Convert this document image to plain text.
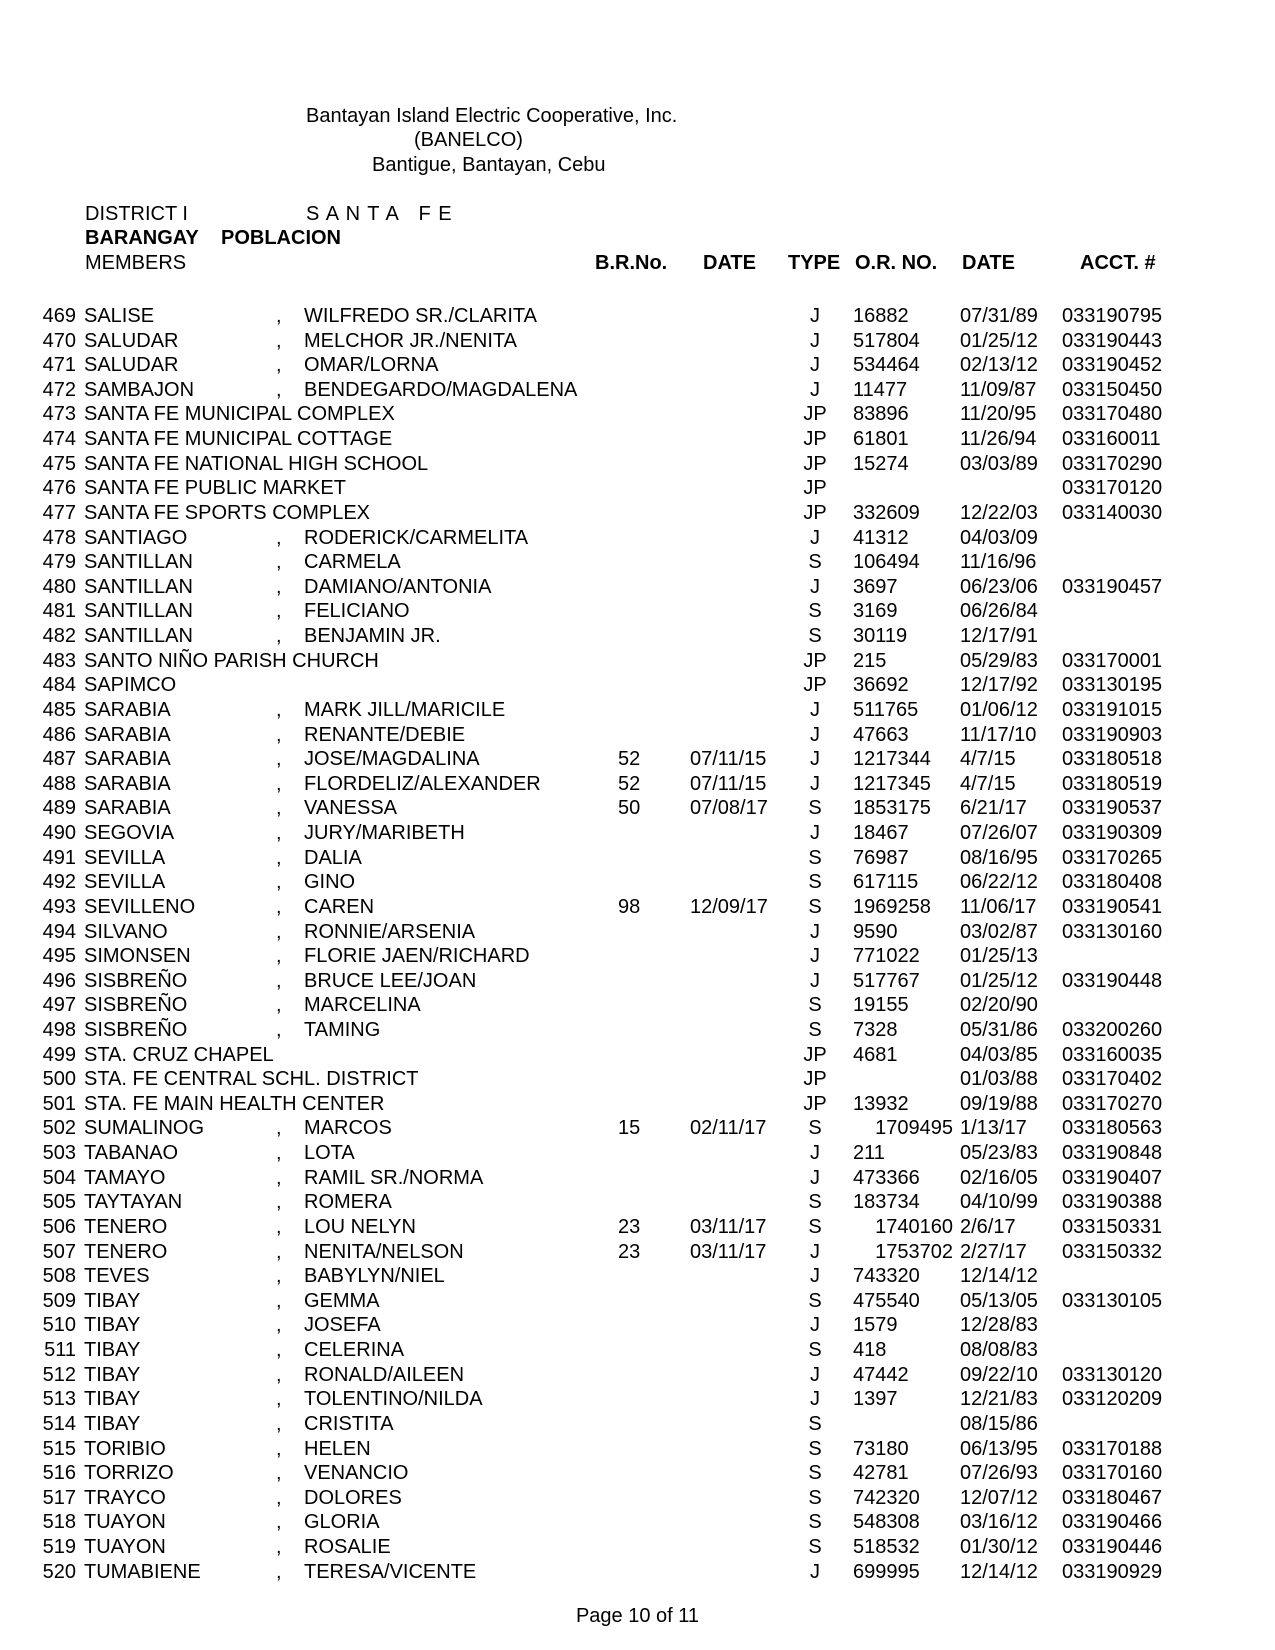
Bantayan Island Electric Cooperative, Inc.
(BANELCO)
Bantigue, Bantayan, Cebu
DISTRICT I	S A N T A   F E
BARANGAY POBLACION
MEMBERS	B.R.No. DATE TYPE O.R. NO. DATE	ACCT. #
469 SALISE	, WILFREDO SR./CLARITA	J	16882	07/31/89 033190795
470 SALUDAR	, MELCHOR JR./NENITA	J	517804 01/25/12 033190443
471 SALUDAR	, OMAR/LORNA	J	534464 02/13/12 033190452
472 SAMBAJON	, BENDEGARDO/MAGDALENA	J	11477	11/09/87 033150450
473 SANTA FE MUNICIPAL COMPLEX	JP	83896	11/20/95 033170480
474 SANTA FE MUNICIPAL COTTAGE	JP	61801	11/26/94 033160011
475 SANTA FE NATIONAL HIGH SCHOOL	JP	15274	03/03/89 033170290
476 SANTA FE PUBLIC MARKET	JP	033170120
477 SANTA FE SPORTS COMPLEX	JP	332609 12/22/03 033140030
478 SANTIAGO	, RODERICK/CARMELITA	J	41312	04/03/09
479 SANTILLAN	, CARMELA	S	106494 11/16/96
480 SANTILLAN	, DAMIANO/ANTONIA	J	3697	06/23/06 033190457
481 SANTILLAN	, FELICIANO	S	3169	06/26/84
482 SANTILLAN	, BENJAMIN JR.	S	30119	12/17/91
483 SANTO NIÑO PARISH CHURCH	JP	215	05/29/83 033170001
484 SAPIMCO	JP	36692	12/17/92 033130195
485 SARABIA	, MARK JILL/MARICILE	J	511765 01/06/12 033191015
486 SARABIA	, RENANTE/DEBIE	J	47663	11/17/10 033190903
487 SARABIA	, JOSE/MAGDALINA	52 07/11/15	J	1217344 4/7/15 033180518
488 SARABIA	, FLORDELIZ/ALEXANDER	52 07/11/15	J	1217345 4/7/15 033180519
489 SARABIA	, VANESSA	50 07/08/17	S	1853175 6/21/17 033190537
490 SEGOVIA	, JURY/MARIBETH	J	18467	07/26/07 033190309
491 SEVILLA	, DALIA	S	76987	08/16/95 033170265
492 SEVILLA	, GINO	S	617115 06/22/12 033180408
493 SEVILLENO	, CAREN	98 12/09/17	S	1969258 11/06/17 033190541
494 SILVANO	, RONNIE/ARSENIA	J	9590	03/02/87 033130160
495 SIMONSEN	, FLORIE JAEN/RICHARD	J	771022 01/25/13
496 SISBREÑO	, BRUCE LEE/JOAN	J	517767 01/25/12 033190448
497 SISBREÑO	, MARCELINA	S	19155	02/20/90
498 SISBREÑO	, TAMING	S	7328	05/31/86 033200260
499 STA. CRUZ CHAPEL	JP	4681	04/03/85 033160035
500 STA. FE CENTRAL SCHL. DISTRICT	JP	01/03/88 033170402
501 STA. FE MAIN HEALTH CENTER	JP	13932	09/19/88 033170270
502 SUMALINOG	, MARCOS	15 02/11/17	S	1709495 1/13/17 033180563
503 TABANAO	, LOTA	J	211	05/23/83 033190848
504 TAMAYO	, RAMIL SR./NORMA	J	473366 02/16/05 033190407
505 TAYTAYAN	, ROMERA	S	183734 04/10/99 033190388
506 TENERO	, LOU NELYN	23 03/11/17	S	1740160 2/6/17 033150331
507 TENERO	, NENITA/NELSON	23 03/11/17	J	1753702 2/27/17 033150332
508 TEVES	, BABYLYN/NIEL	J	743320 12/14/12
509 TIBAY	, GEMMA	S	475540 05/13/05 033130105
510 TIBAY	, JOSEFA	J	1579	12/28/83
511 TIBAY	, CELERINA	S	418	08/08/83
512 TIBAY	, RONALD/AILEEN	J	47442	09/22/10 033130120
513 TIBAY	, TOLENTINO/NILDA	J	1397	12/21/83 033120209
514 TIBAY	, CRISTITA	S	08/15/86
515 TORIBIO	, HELEN	S	73180	06/13/95 033170188
516 TORRIZO	, VENANCIO	S	42781	07/26/93 033170160
517 TRAYCO	, DOLORES	S	742320 12/07/12 033180467
518 TUAYON	, GLORIA	S	548308 03/16/12 033190466
519 TUAYON	, ROSALIE	S	518532 01/30/12 033190446
520 TUMABIENE	, TERESA/VICENTE	J	699995 12/14/12 033190929
Page 10 of 11
